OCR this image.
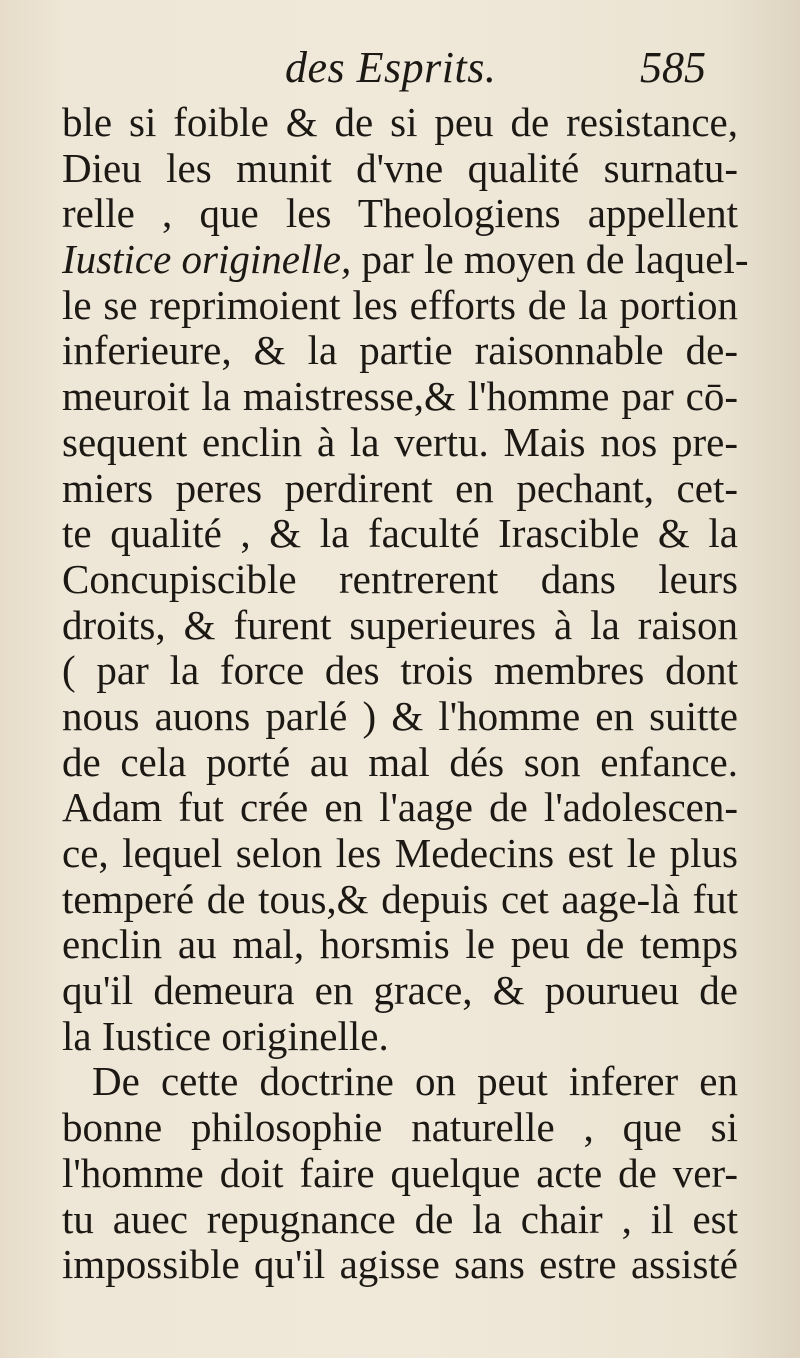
des Esprits.	585
ble si foible & de si peu de resistance,
Dieu les munit d'vne qualité surnatu-
relle , que les Theologiens appellent
Iustice originelle, par le moyen de laquel-
le se reprimoient les efforts de la portion
inferieure, & la partie raisonnable de-
meuroit la maistresse,& l'homme par cō-
sequent enclin à la vertu. Mais nos pre-
miers peres perdirent en pechant, cet-
te qualité , & la faculté Irascible & la
Concupiscible rentrerent dans leurs
droits, & furent superieures à la raison
( par la force des trois membres dont
nous auons parlé ) & l'homme en suitte
de cela porté au mal dés son enfance.
Adam fut crée en l'aage de l'adolescen-
ce, lequel selon les Medecins est le plus
temperé de tous,& depuis cet aage-là fut
enclin au mal, horsmis le peu de temps
qu'il demeura en grace, & pourueu de
la Iustice originelle.
De cette doctrine on peut inferer en
bonne philosophie naturelle , que si
l'homme doit faire quelque acte de ver-
tu auec repugnance de la chair , il est
impossible qu'il agisse sans estre assisté
